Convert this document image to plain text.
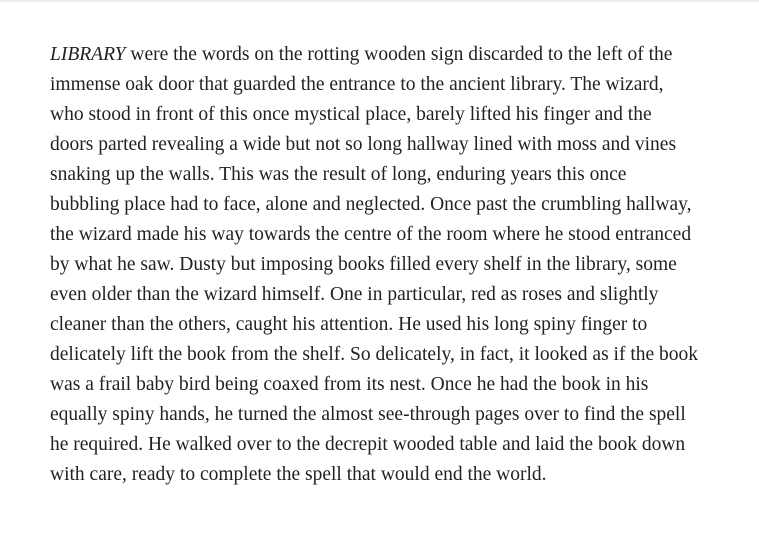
LIBRARY were the words on the rotting wooden sign discarded to the left of the
immense oak door that guarded the entrance to the ancient library. The wizard,
who stood in front of this once mystical place, barely lifted his finger and the
doors parted revealing a wide but not so long hallway lined with moss and vines
snaking up the walls. This was the result of long, enduring years this once
bubbling place had to face, alone and neglected. Once past the crumbling hallway,
the wizard made his way towards the centre of the room where he stood entranced
by what he saw. Dusty but imposing books filled every shelf in the library, some
even older than the wizard himself. One in particular, red as roses and slightly
cleaner than the others, caught his attention. He used his long spiny finger to
delicately lift the book from the shelf. So delicately, in fact, it looked as if the book
was a frail baby bird being coaxed from its nest. Once he had the book in his
equally spiny hands, he turned the almost see-through pages over to find the spell
he required. He walked over to the decrepit wooded table and laid the book down
with care, ready to complete the spell that would end the world.
